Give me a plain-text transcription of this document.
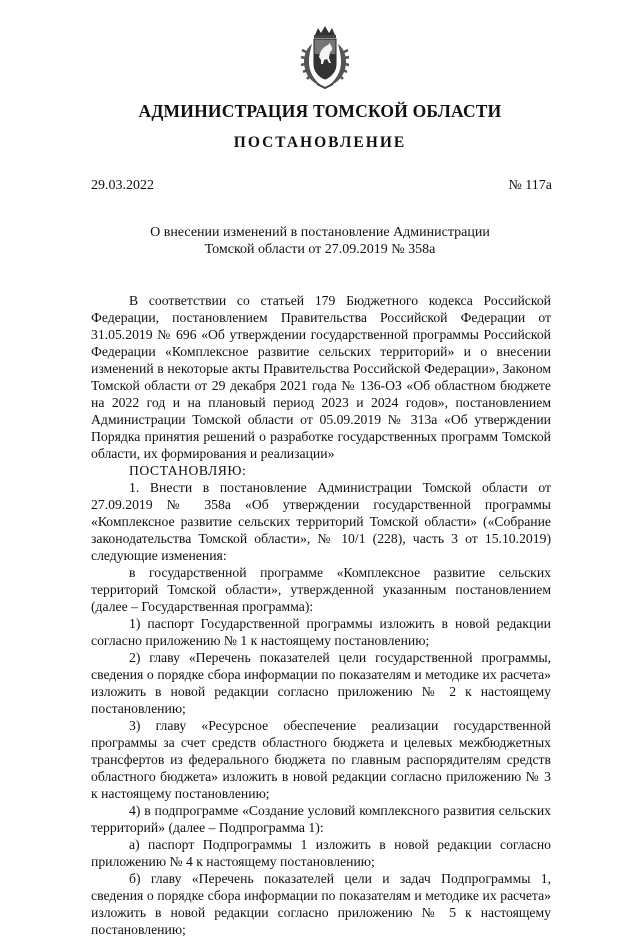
АДМИНИСТРАЦИЯ ТОМСКОЙ ОБЛАСТИ
ПОСТАНОВЛЕНИЕ
29.03.2022	№ 117а
О внесении изменений в постановление Администрации
Томской области от 27.09.2019 № 358а

В соответствии со статьей 179 Бюджетного кодекса Российской Федерации, постановлением Правительства Российской Федерации от 31.05.2019 № 696 «Об утверждении государственной программы Российской Федерации «Комплексное развитие сельских территорий» и о внесении изменений в некоторые акты Правительства Российской Федерации», Законом Томской области от 29 декабря 2021 года № 136-ОЗ «Об областном бюджете на 2022 год и на плановый период 2023 и 2024 годов», постановлением Администрации Томской области от 05.09.2019 № 313а «Об утверждении Порядка принятия решений о разработке государственных программ Томской области, их формирования и реализации»

ПОСТАНОВЛЯЮ:

1. Внести в постановление Администрации Томской области от 27.09.2019 № 358а «Об утверждении государственной программы «Комплексное развитие сельских территорий Томской области» («Собрание законодательства Томской области», № 10/1 (228), часть 3 от 15.10.2019) следующие изменения:

в государственной программе «Комплексное развитие сельских территорий Томской области», утвержденной указанным постановлением (далее – Государственная программа):

1) паспорт Государственной программы изложить в новой редакции согласно приложению № 1 к настоящему постановлению;

2) главу «Перечень показателей цели государственной программы, сведения о порядке сбора информации по показателям и методике их расчета» изложить в новой редакции согласно приложению № 2 к настоящему постановлению;

3) главу «Ресурсное обеспечение реализации государственной программы за счет средств областного бюджета и целевых межбюджетных трансфертов из федерального бюджета по главным распорядителям средств областного бюджета» изложить в новой редакции согласно приложению № 3 к настоящему постановлению;

4) в подпрограмме «Создание условий комплексного развития сельских территорий» (далее – Подпрограмма 1):

а) паспорт Подпрограммы 1 изложить в новой редакции согласно приложению № 4 к настоящему постановлению;

б) главу «Перечень показателей цели и задач Подпрограммы 1, сведения о порядке сбора информации по показателям и методике их расчета» изложить в новой редакции согласно приложению № 5 к настоящему постановлению;
